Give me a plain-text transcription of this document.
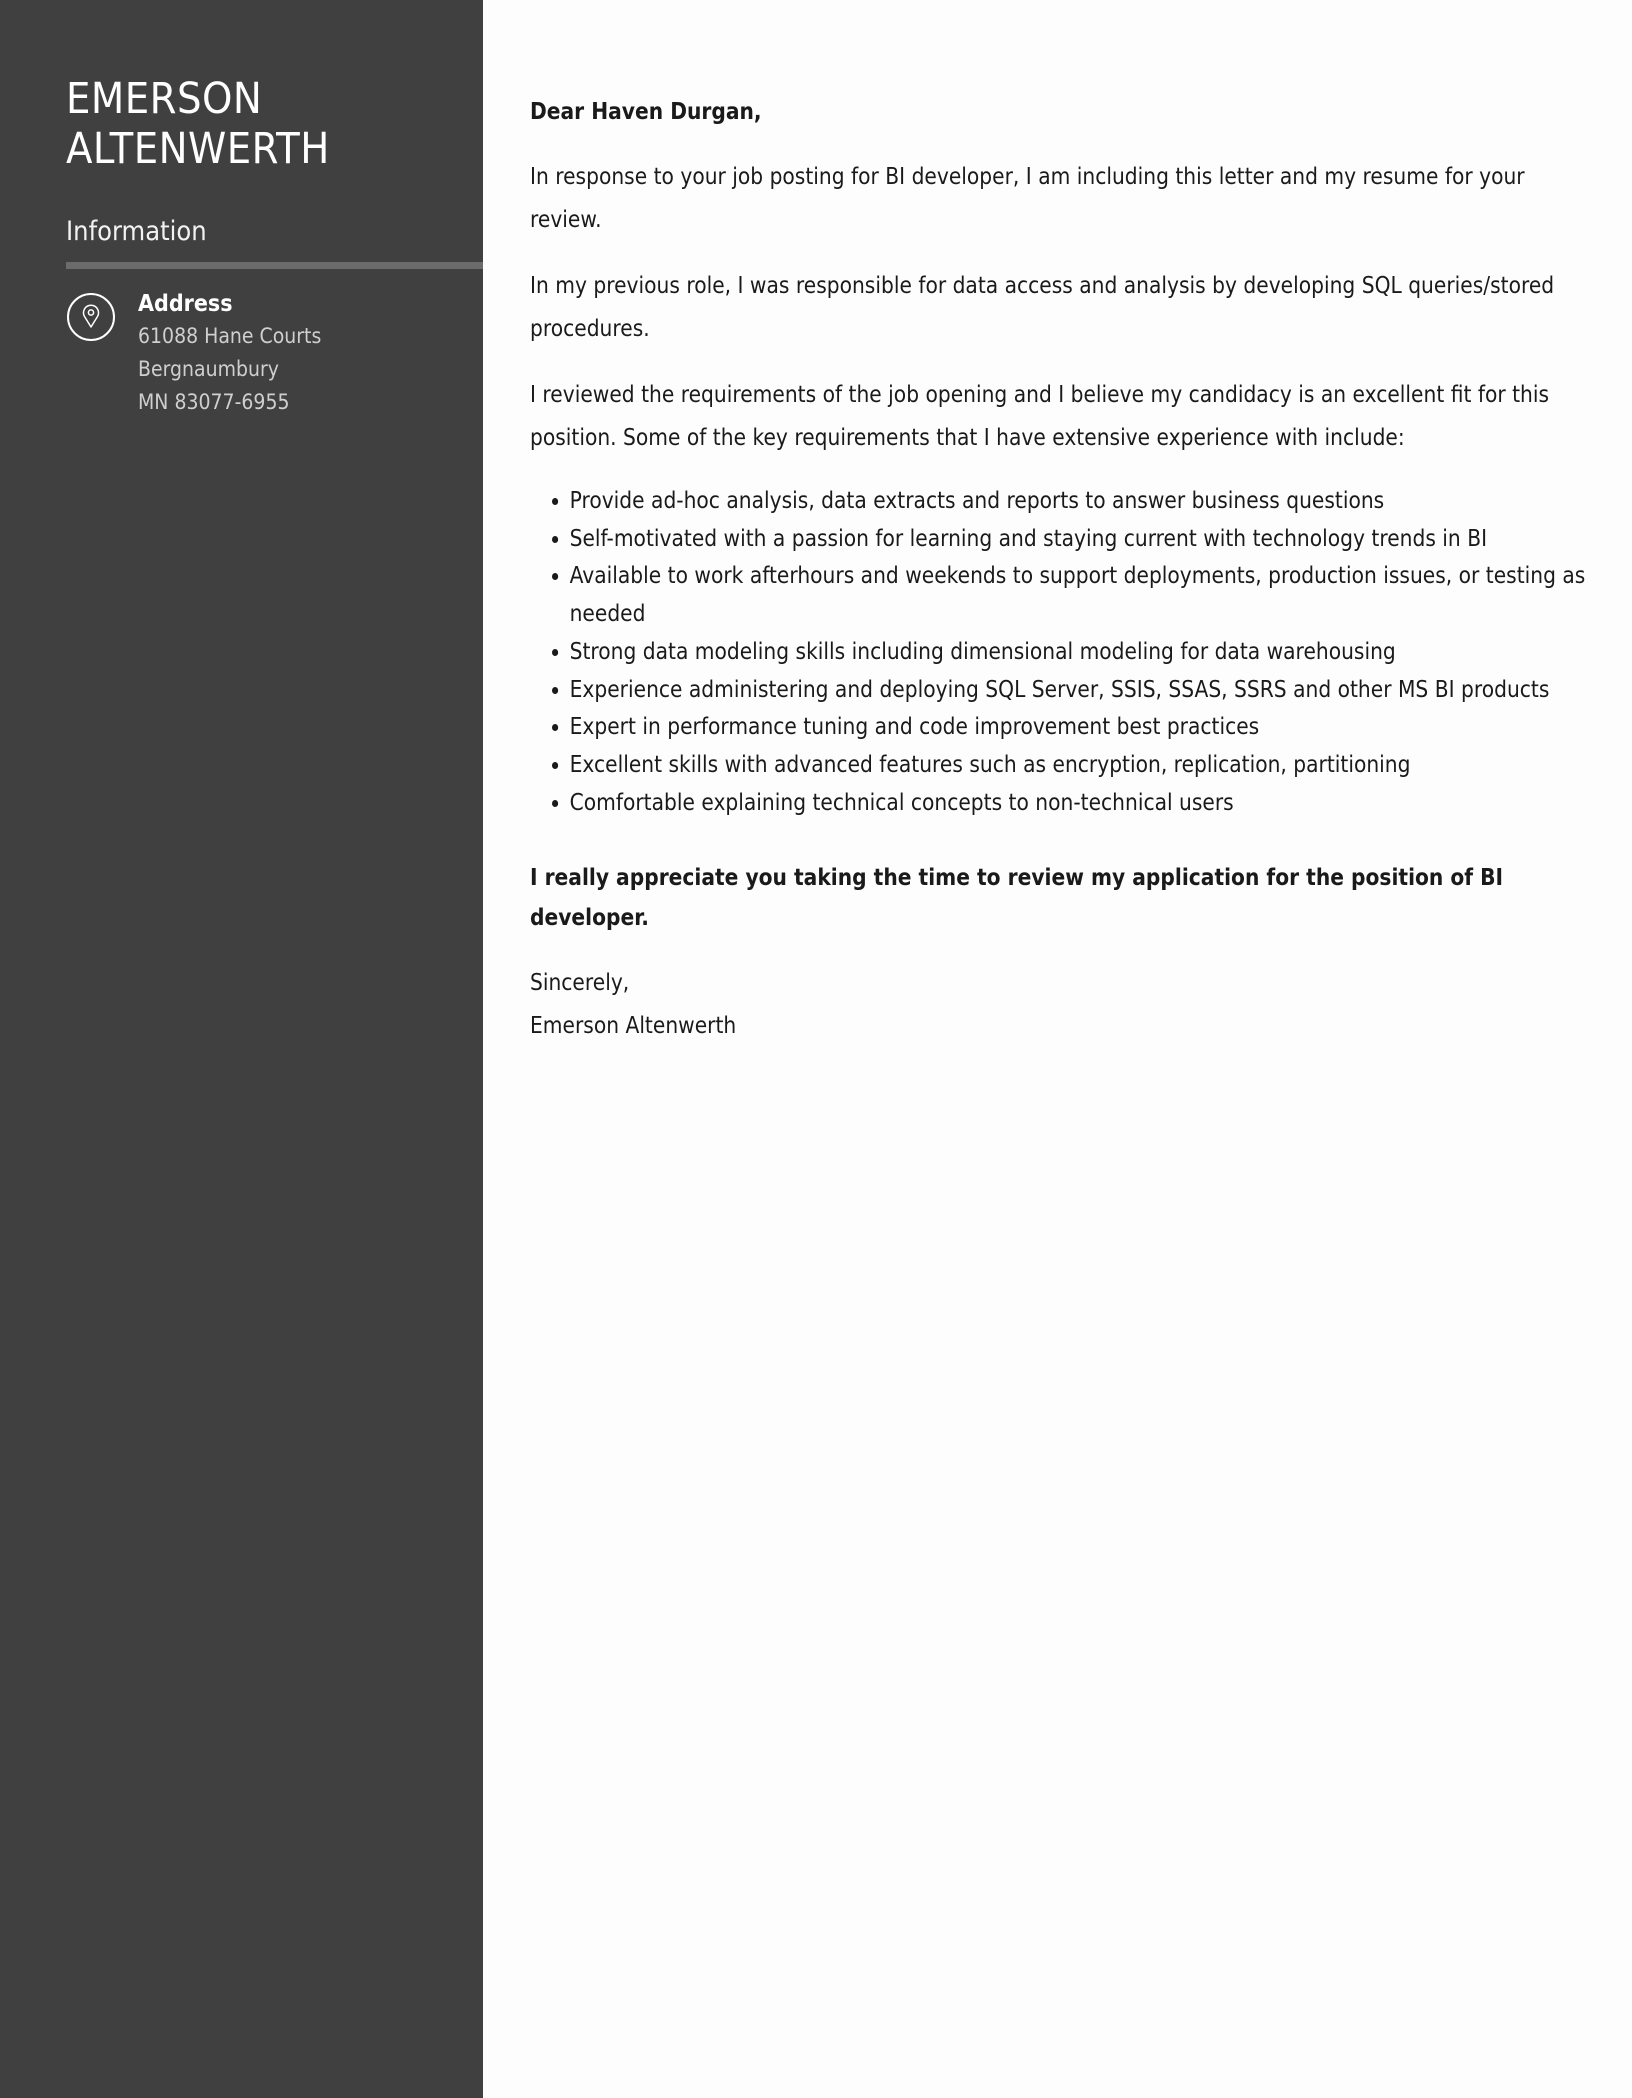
EMERSON
ALTENWERTH
Information
Address
61088 Hane Courts
Bergnaumbury
MN 83077-6955

Dear Haven Durgan,

In response to your job posting for BI developer, I am including this letter and my resume for your review.

In my previous role, I was responsible for data access and analysis by developing SQL queries/stored procedures.

I reviewed the requirements of the job opening and I believe my candidacy is an excellent fit for this position. Some of the key requirements that I have extensive experience with include:

• Provide ad-hoc analysis, data extracts and reports to answer business questions
• Self-motivated with a passion for learning and staying current with technology trends in BI
• Available to work afterhours and weekends to support deployments, production issues, or testing as needed
• Strong data modeling skills including dimensional modeling for data warehousing
• Experience administering and deploying SQL Server, SSIS, SSAS, SSRS and other MS BI products
• Expert in performance tuning and code improvement best practices
• Excellent skills with advanced features such as encryption, replication, partitioning
• Comfortable explaining technical concepts to non-technical users

I really appreciate you taking the time to review my application for the position of BI developer.

Sincerely,
Emerson Altenwerth
